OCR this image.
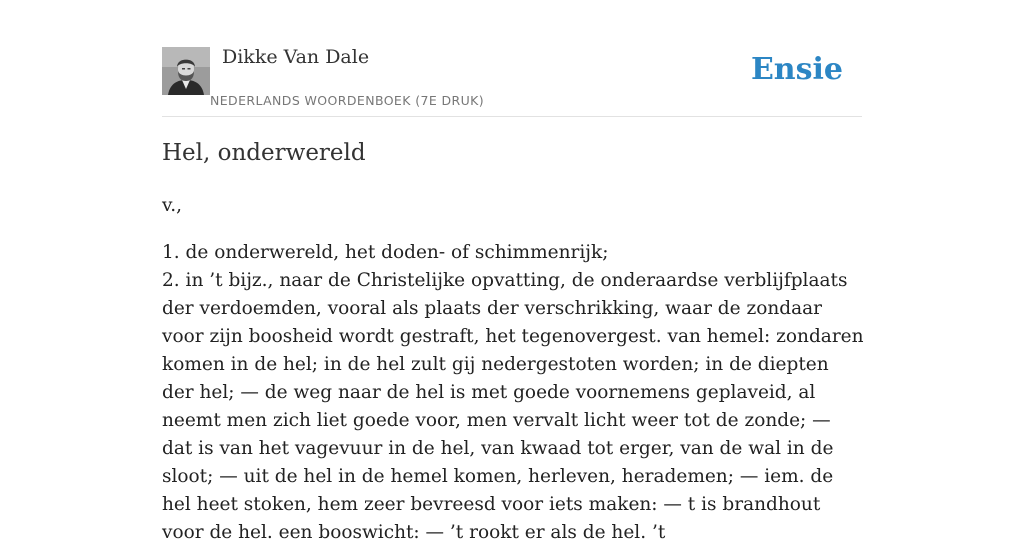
Dikke Van Dale
NEDERLANDS WOORDENBOEK (7E DRUK)
Ensie
Hel, onderwereld
v.,
1. de onderwereld, het doden- of schimmenrijk;
2. in ’t bijz., naar de Christelijke opvatting, de onderaardse verblijfplaats der verdoemden, vooral als plaats der verschrikking, waar de zondaar voor zijn boosheid wordt gestraft, het tegenovergest. van hemel: zondaren komen in de hel; in de hel zult gij nedergestoten worden; in de diepten der hel; — de weg naar de hel is met goede voornemens geplaveid, al neemt men zich liet goede voor, men vervalt licht weer tot de zonde; — dat is van het vagevuur in de hel, van kwaad tot erger, van de wal in de sloot; — uit de hel in de hemel komen, herleven, herademen; — iem. de hel heet stoken, hem zeer bevreesd voor iets maken: — t is brandhout voor de hel. een booswicht: — ’t rookt er als de hel. ’t
